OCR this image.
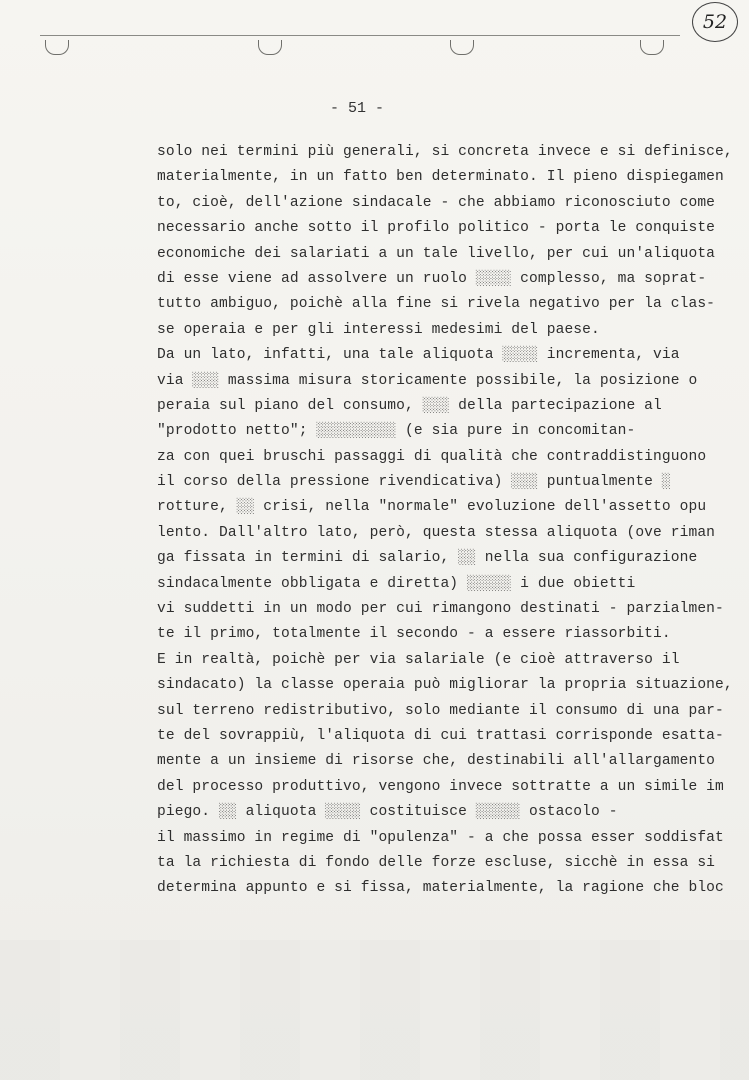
52
- 51 -
solo nei termini più generali, si concreta invece e si definisce,
materialmente, in un fatto ben determinato. Il pieno dispiegamen
to, cioè, dell'azione sindacale - che abbiamo riconosciuto come
necessario anche sotto il profilo politico - porta le conquiste
economiche dei salariati a un tale livello, per cui un'aliquota
di esse viene ad assolvere un ruolo ░░░░ complesso, ma soprat-
tutto ambiguo, poichè alla fine si rivela negativo per la clas-
se operaia e per gli interessi medesimi del paese.
Da un lato, infatti, una tale aliquota ░░░░ incrementa, via
via ░░░ massima misura storicamente possibile, la posizione o
peraia sul piano del consumo, ░░░ della partecipazione al
"prodotto netto"; ░░░░░░░░░ (e sia pure in concomitan-
za con quei bruschi passaggi di qualità che contraddistinguono
il corso della pressione rivendicativa) ░░░ puntualmente ░
rotture, ░░ crisi, nella "normale" evoluzione dell'assetto opu
lento. Dall'altro lato, però, questa stessa aliquota (ove riman
ga fissata in termini di salario, ░░ nella sua configurazione
sindacalmente obbligata e diretta) ░░░░░ i due obietti
vi suddetti in un modo per cui rimangono destinati - parzialmen-
te il primo, totalmente il secondo - a essere riassorbiti.
E in realtà, poichè per via salariale (e cioè attraverso il
sindacato) la classe operaia può migliorar la propria situazione,
sul terreno redistributivo, solo mediante il consumo di una par-
te del sovrappiù, l'aliquota di cui trattasi corrisponde esatta-
mente a un insieme di risorse che, destinabili all'allargamento
del processo produttivo, vengono invece sottratte a un simile im
piego. ░░ aliquota ░░░░ costituisce ░░░░░ ostacolo -
il massimo in regime di "opulenza" - a che possa esser soddisfat
ta la richiesta di fondo delle forze escluse, sicchè in essa si
determina appunto e si fissa, materialmente, la ragione che bloc
